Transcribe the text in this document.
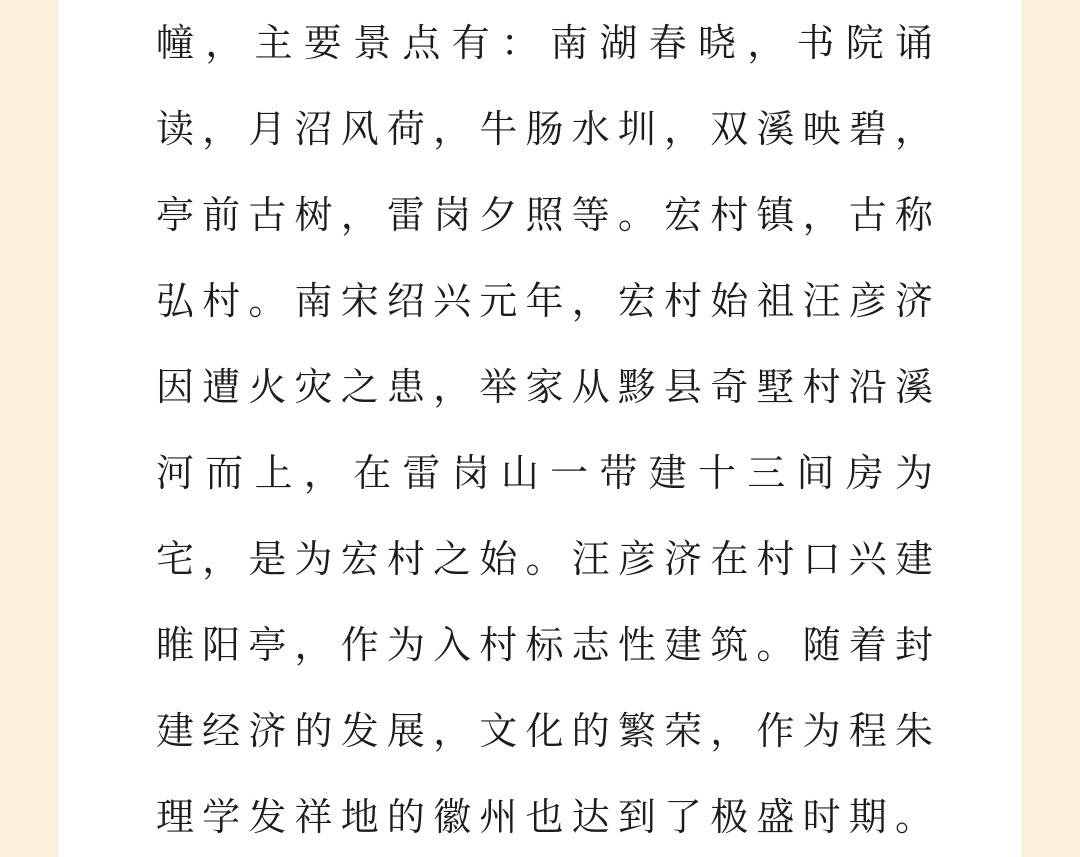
幢，主要景点有：南湖春晓，书院诵
读，月沼风荷，牛肠水圳，双溪映碧，
亭前古树，雷岗夕照等。宏村镇，古称
弘村。南宋绍兴元年，宏村始祖汪彦济
因遭火灾之患，举家从黟县奇墅村沿溪
河而上，在雷岗山一带建十三间房为
宅，是为宏村之始。汪彦济在村口兴建
睢阳亭，作为入村标志性建筑。随着封
建经济的发展，文化的繁荣，作为程朱
理学发祥地的徽州也达到了极盛时期。
